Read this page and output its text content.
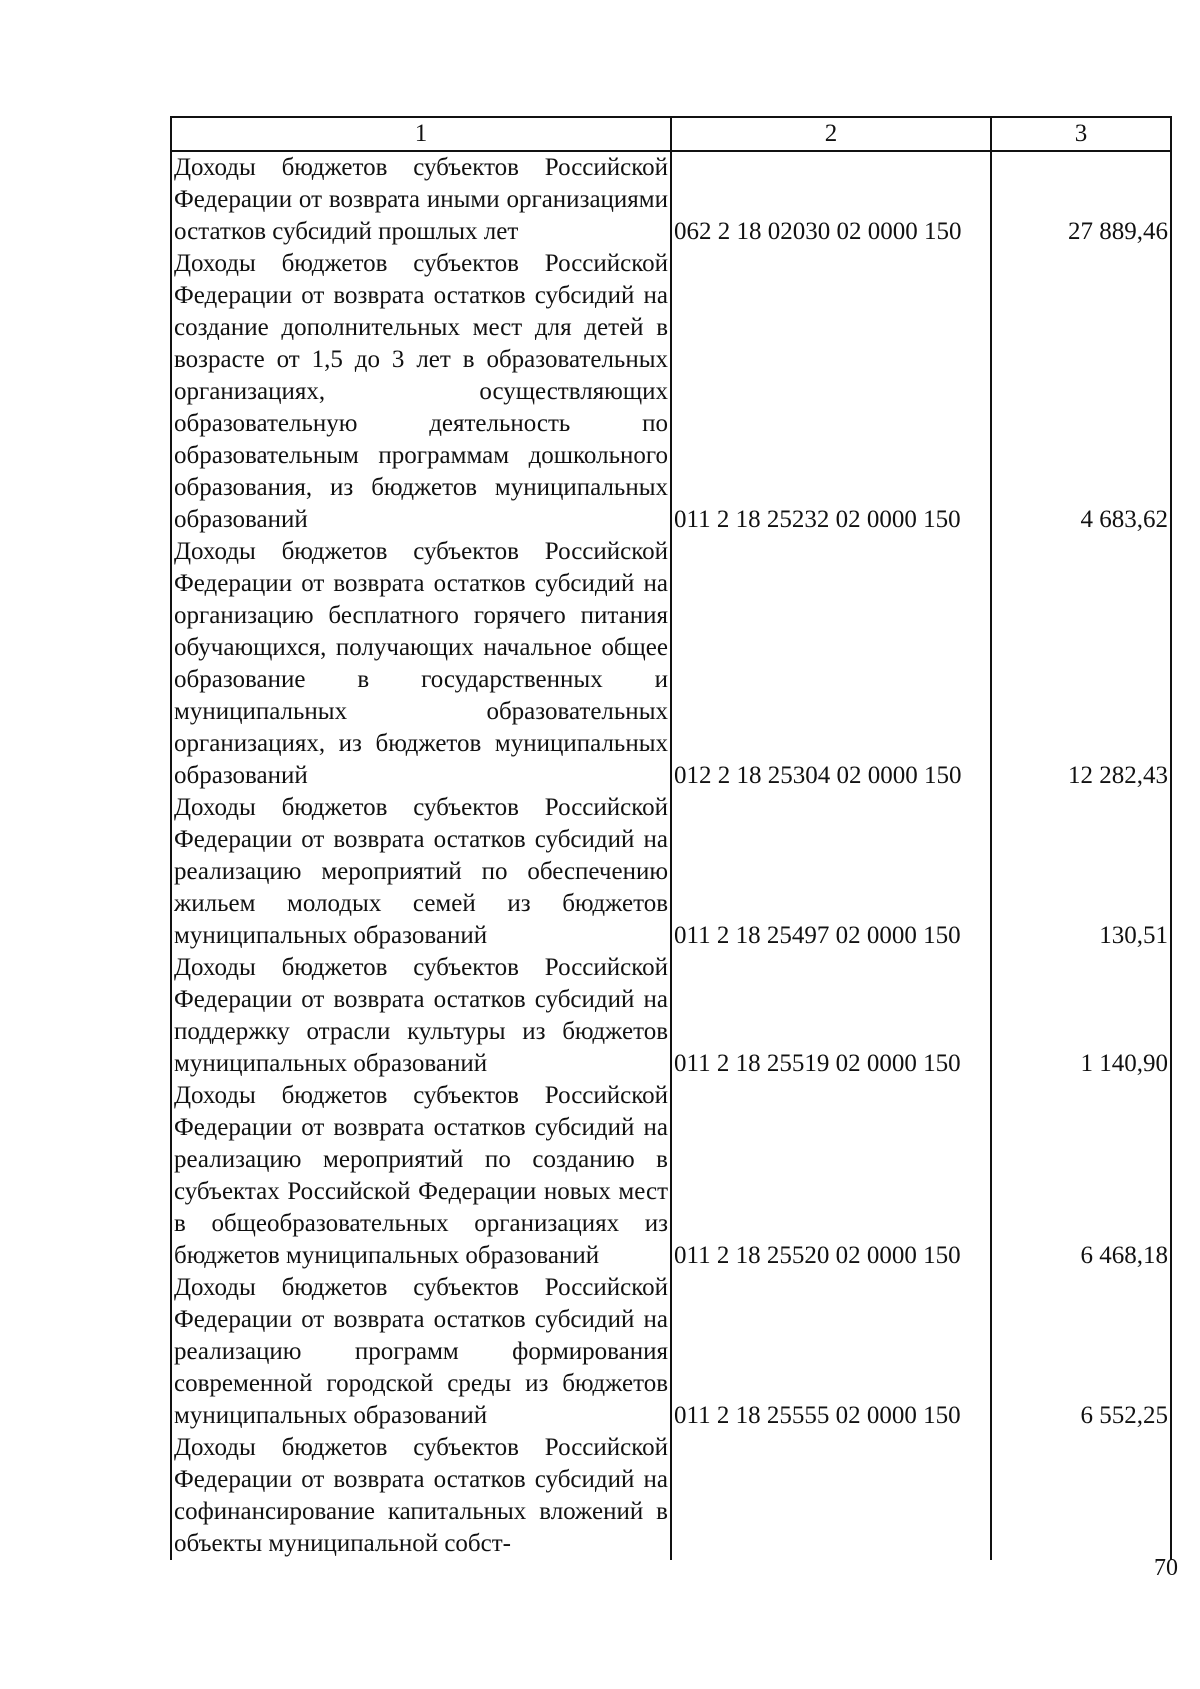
1	2	3
Доходы бюджетов субъектов Российской Федерации от возврата иными организациями остатков субсидий прошлых лет	062 2 18 02030 02 0000 150	27 889,46
Доходы бюджетов субъектов Российской Федерации от возврата остатков субсидий на создание дополнительных мест для детей в возрасте от 1,5 до 3 лет в образовательных организациях, осуществляющих образовательную деятельность по образовательным программам дошкольного образования, из бюджетов муниципальных образований	011 2 18 25232 02 0000 150	4 683,62
Доходы бюджетов субъектов Российской Федерации от возврата остатков субсидий на организацию бесплатного горячего питания обучающихся, получающих начальное общее образование в государственных и муниципальных образовательных организациях, из бюджетов муниципальных образований	012 2 18 25304 02 0000 150	12 282,43
Доходы бюджетов субъектов Российской Федерации от возврата остатков субсидий на реализацию мероприятий по обеспечению жильем молодых семей из бюджетов муниципальных образований	011 2 18 25497 02 0000 150	130,51
Доходы бюджетов субъектов Российской Федерации от возврата остатков субсидий на поддержку отрасли культуры из бюджетов муниципальных образований	011 2 18 25519 02 0000 150	1 140,90
Доходы бюджетов субъектов Российской Федерации от возврата остатков субсидий на реализацию мероприятий по созданию в субъектах Российской Федерации новых мест в общеобразовательных организациях из бюджетов муниципальных образований	011 2 18 25520 02 0000 150	6 468,18
Доходы бюджетов субъектов Российской Федерации от возврата остатков субсидий на реализацию программ формирования современной городской среды из бюджетов муниципальных образований	011 2 18 25555 02 0000 150	6 552,25
Доходы бюджетов субъектов Российской Федерации от возврата остатков субсидий на софинансирование капитальных вложений в объекты муниципальной собст-		
70
